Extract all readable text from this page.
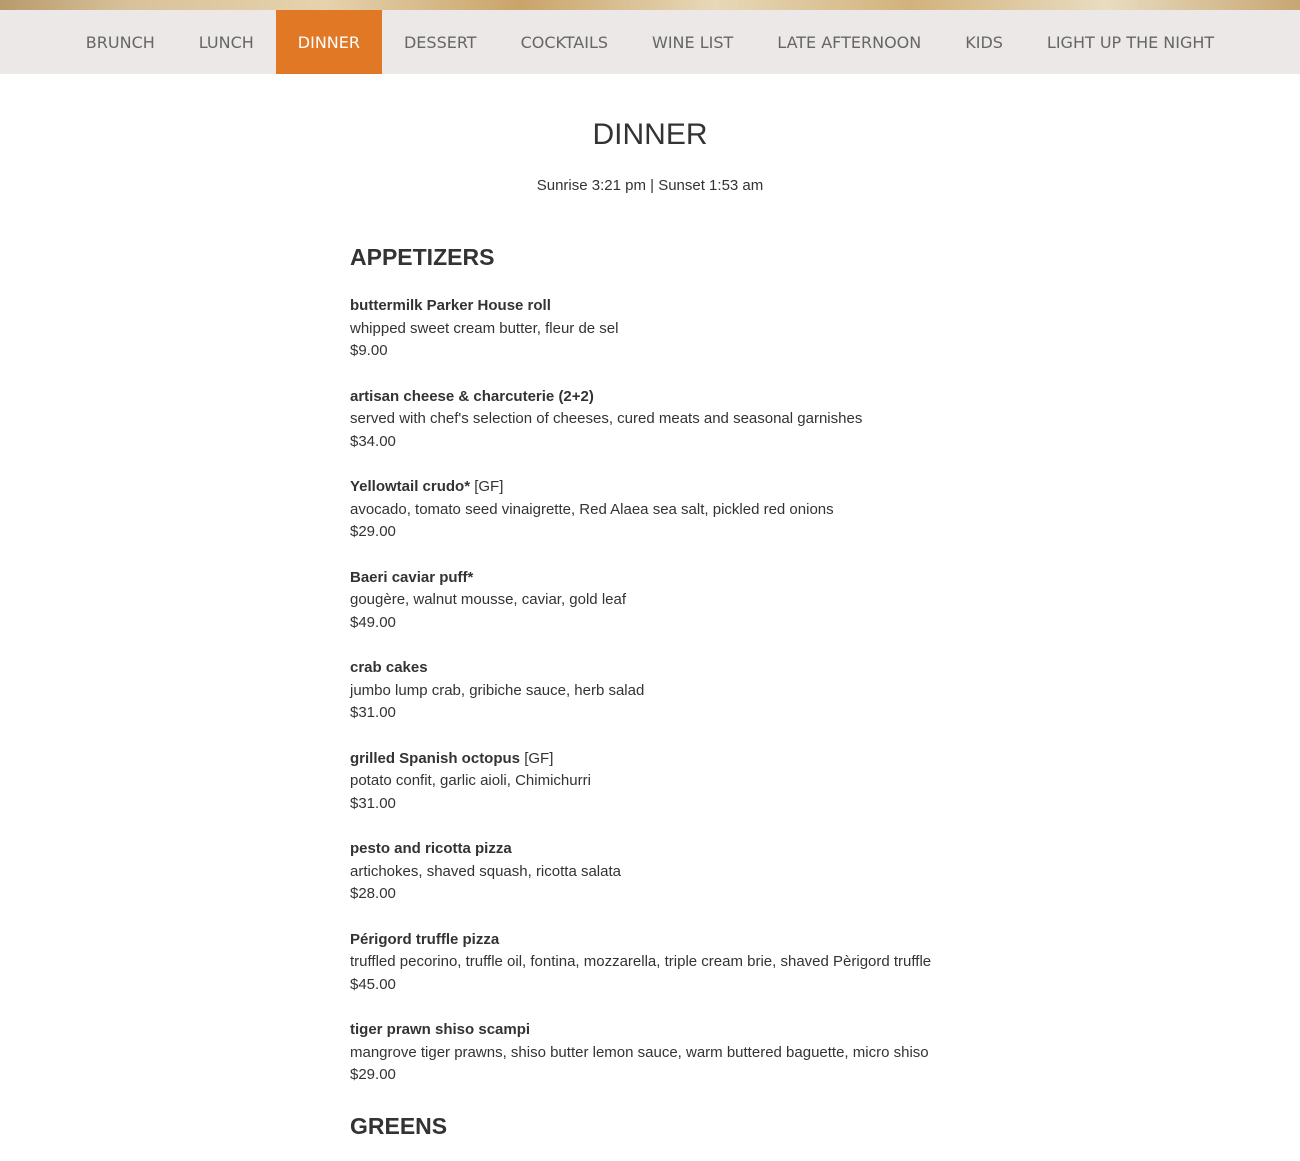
BRUNCH	LUNCH	DINNER	DESSERT	COCKTAILS	WINE LIST	LATE AFTERNOON	KIDS	LIGHT UP THE NIGHT
DINNER
Sunrise 3:21 pm | Sunset 1:53 am
APPETIZERS
buttermilk Parker House roll
whipped sweet cream butter, fleur de sel
$9.00
artisan cheese & charcuterie (2+2)
served with chef's selection of cheeses, cured meats and seasonal garnishes
$34.00
Yellowtail crudo* [GF]
avocado, tomato seed vinaigrette, Red Alaea sea salt, pickled red onions
$29.00
Baeri caviar puff*
gougère, walnut mousse, caviar, gold leaf
$49.00
crab cakes
jumbo lump crab, gribiche sauce, herb salad
$31.00
grilled Spanish octopus [GF]
potato confit, garlic aioli, Chimichurri
$31.00
pesto and ricotta pizza
artichokes, shaved squash, ricotta salata
$28.00
Périgord truffle pizza
truffled pecorino, truffle oil, fontina, mozzarella, triple cream brie, shaved Pèrigord truffle
$45.00
tiger prawn shiso scampi
mangrove tiger prawns, shiso butter lemon sauce, warm buttered baguette, micro shiso
$29.00
GREENS
